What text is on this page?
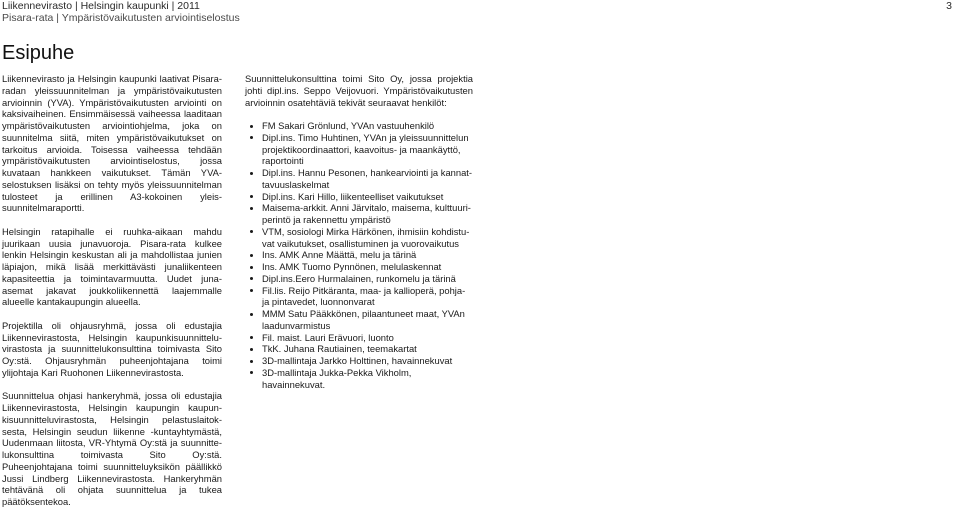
Liikennevirasto | Helsingin kaupunki | 2011
Pisara-rata | Ympäristövaikutusten arviointiselostus
3
Esipuhe

Liikennevirasto ja Helsingin kaupunki laativat Pisararadan yleissuunnitelman ja ympäristövaikutusten arvioinnin (YVA). Ympäristövaikutusten arviointi on kaksivaiheinen. Ensimmäisessä vaiheessa laaditaan ympäristövaikutusten arviointiohjelma, joka on suunnitelma siitä, miten ympäristövaikutukset on tarkoitus arvioida. Toisessa vaiheessa tehdään ympäristövaikutusten arviointiselostus, jossa kuvataan hankkeen vaikutukset. Tämän YVA-selostuksen lisäksi on tehty myös yleissuunnitelman tulosteet ja erillinen A3-kokoinen yleissuunnitelmaraportti.

Helsingin ratapihalle ei ruuhka-aikaan mahdu juurikaan uusia junavuoroja. Pisara-rata kulkee lenkin Helsingin keskustan ali ja mahdollistaa junien läpiajon, mikä lisää merkittävästi junaliikenteen kapasiteettia ja toimintavarmuutta. Uudet juna-asemat jakavat joukkoliikennettä laajemmalle alueelle kantakaupungin alueella.

Projektilla oli ohjausryhmä, jossa oli edustajia Liikennevirastosta, Helsingin kaupunkisuunnitteluvirastosta ja suunnittelukonsulttina toimivasta Sito Oy:stä. Ohjausryhmän puheenjohtajana toimi ylijohtaja Kari Ruohonen Liikennevirastosta.

Suunnittelua ohjasi hankeryhmä, jossa oli edustajia Liikennevirastosta, Helsingin kaupungin kaupunkisuunnitteluvirastosta, Helsingin pelastuslaitoksesta, Helsingin seudun liikenne -kuntayhtymästä, Uudenmaan liitosta, VR-Yhtymä Oy:stä ja suunnittelukonsulttina toimivasta Sito Oy:stä. Puheenjohtajana toimi suunnitteluyksikön päällikkö Jussi Lindberg Liikennevirastosta. Hankeryhmän tehtävänä oli ohjata suunnittelua ja tukea päätöksentekoa.

Suunnittelukonsulttina toimi Sito Oy, jossa projektia johti dipl.ins. Seppo Veijovuori. Ympäristövaikutusten arvioinnin osatehtäviä tekivät seuraavat henkilöt:

FM Sakari Grönlund, YVAn vastuuhenkilö
Dipl.ins. Timo Huhtinen, YVAn ja yleissuunnittelun projektikoordinaattori, kaavoitus- ja maankäyttö, raportointi
Dipl.ins. Hannu Pesonen, hankearviointi ja kannattavuuslaskelmat
Dipl.ins. Kari Hillo, liikenteelliset vaikutukset
Maisema-arkkit. Anni Järvitalo, maisema, kulttuuriperintö ja rakennettu ympäristö
VTM, sosiologi Mirka Härkönen, ihmisiin kohdistuvat vaikutukset, osallistuminen ja vuorovaikutus
Ins. AMK Anne Määttä, melu ja tärinä
Ins. AMK Tuomo Pynnönen, melulaskennat
Dipl.ins.Eero Hurmalainen, runkomelu ja tärinä
Fil.lis. Reijo Pitkäranta, maa- ja kallioperä, pohja- ja pintavedet, luonnonvarat
MMM Satu Pääkkönen, pilaantuneet maat, YVAn laadunvarmistus
Fil. maist. Lauri Erävuori, luonto
TkK. Juhana Rautiainen, teemakartat
3D-mallintaja Jarkko Holttinen, havainnekuvat
3D-mallintaja Jukka-Pekka Vikholm, havainnekuvat.
